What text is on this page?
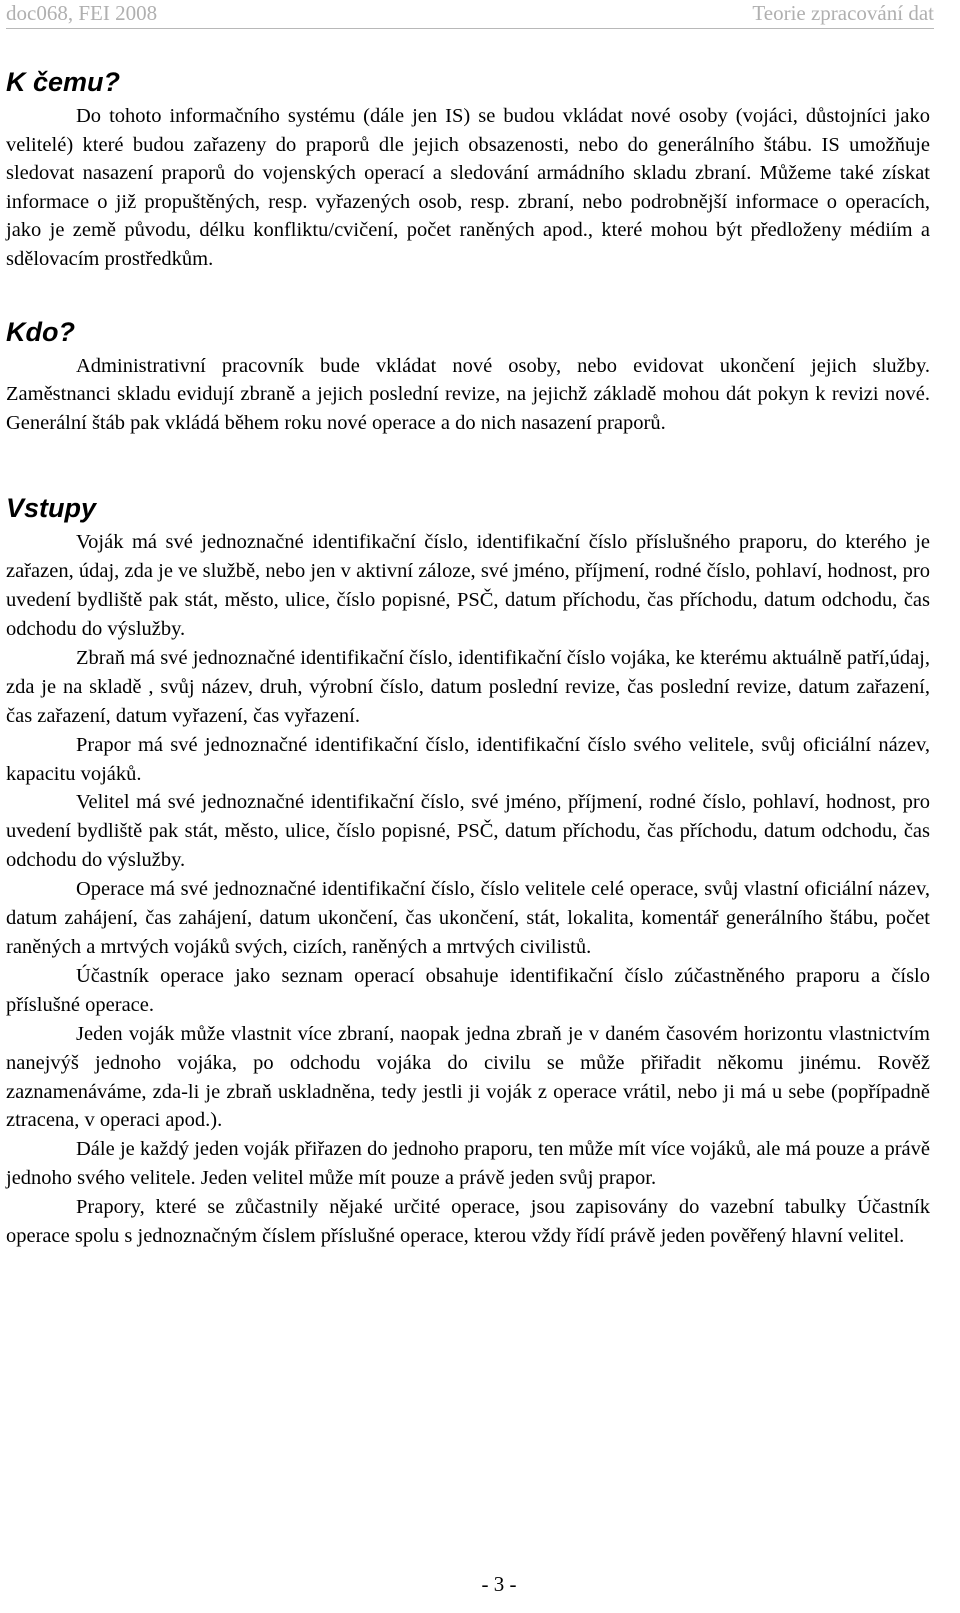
doc068, FEI 2008	Teorie zpracování dat
K čemu?

Do tohoto informačního systému (dále jen IS) se budou vkládat nové osoby (vojáci, důstojníci jako velitelé) které budou zařazeny do praporů dle jejich obsazenosti, nebo do generálního štábu. IS umožňuje sledovat nasazení praporů do vojenských operací a sledování armádního skladu zbraní. Můžeme také získat informace o již propuštěných, resp. vyřazených osob, resp. zbraní, nebo podrobnější informace o operacích, jako je země původu, délku konfliktu/cvičení, počet raněných apod., které mohou být předloženy médiím a sdělovacím prostředkům.

Kdo?

Administrativní pracovník bude vkládat nové osoby, nebo evidovat ukončení jejich služby. Zaměstnanci skladu evidují zbraně a jejich poslední revize, na jejichž základě mohou dát pokyn k revizi nové. Generální štáb pak vkládá během roku nové operace a do nich nasazení praporů.

Vstupy

Voják má své jednoznačné identifikační číslo, identifikační číslo příslušného praporu, do kterého je zařazen, údaj, zda je ve službě, nebo jen v aktivní záloze, své jméno, příjmení, rodné číslo, pohlaví, hodnost, pro uvedení bydliště pak stát, město, ulice, číslo popisné, PSČ, datum příchodu, čas příchodu, datum odchodu, čas odchodu do výslužby.

Zbraň má své jednoznačné identifikační číslo, identifikační číslo vojáka, ke kterému aktuálně patří,údaj, zda je na skladě , svůj název, druh, výrobní číslo, datum poslední revize, čas poslední revize, datum zařazení, čas zařazení, datum vyřazení, čas vyřazení.

Prapor má své jednoznačné identifikační číslo, identifikační číslo svého velitele, svůj oficiální název, kapacitu vojáků.

Velitel má své jednoznačné identifikační číslo, své jméno, příjmení, rodné číslo, pohlaví, hodnost, pro uvedení bydliště pak stát, město, ulice, číslo popisné, PSČ, datum příchodu, čas příchodu, datum odchodu, čas odchodu do výslužby.

Operace má své jednoznačné identifikační číslo, číslo velitele celé operace, svůj vlastní oficiální název, datum zahájení, čas zahájení, datum ukončení, čas ukončení, stát, lokalita, komentář generálního štábu, počet raněných a mrtvých vojáků svých, cizích, raněných a mrtvých civilistů.

Účastník operace jako seznam operací obsahuje identifikační číslo zúčastněného praporu a číslo příslušné operace.

Jeden voják může vlastnit více zbraní, naopak jedna zbraň je v daném časovém horizontu vlastnictvím nanejvýš jednoho vojáka, po odchodu vojáka do civilu se může přiřadit někomu jinému. Rověž zaznamenáváme, zda-li je zbraň uskladněna, tedy jestli ji voják z operace vrátil, nebo ji má u sebe (popřípadně ztracena, v operaci apod.).

Dále je každý jeden voják přiřazen do jednoho praporu, ten může mít více vojáků, ale má pouze a právě jednoho svého velitele. Jeden velitel může mít pouze a právě jeden svůj prapor.

Prapory, které se zůčastnily nějaké určité operace, jsou zapisovány do vazební tabulky Účastník operace spolu s jednoznačným číslem příslušné operace, kterou vždy řídí právě jeden pověřený hlavní velitel.

- 3 -
